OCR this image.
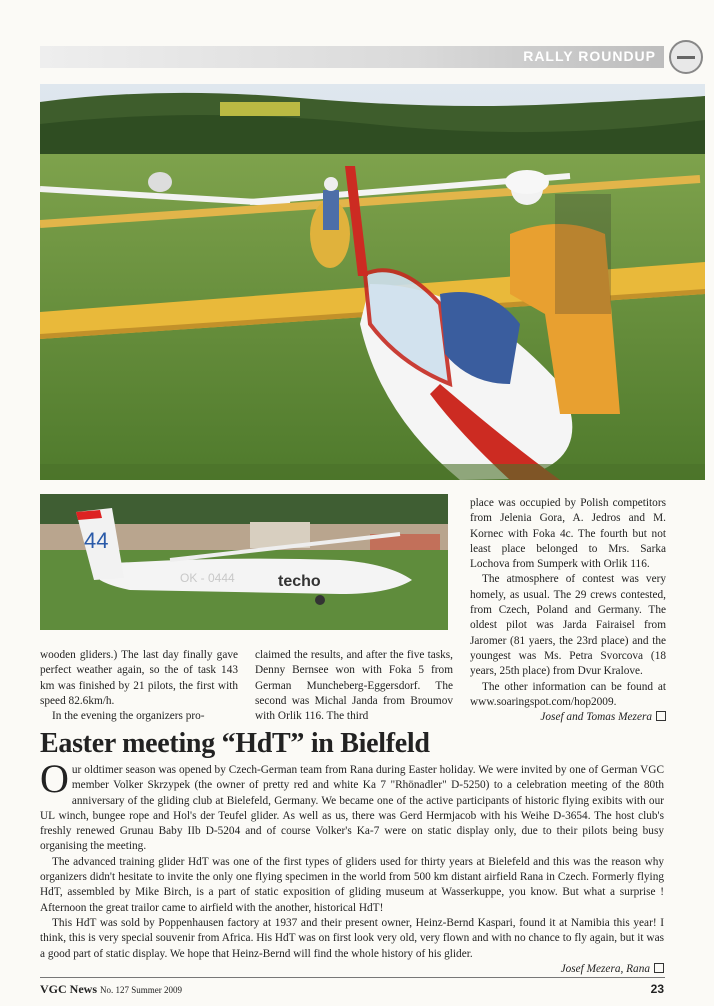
RALLY ROUNDUP
44
OK - 0444	techo

wooden gliders.) The last day finally gave perfect weather again, so the of task 143 km was finished by 21 pilots, the first with speed 82.6km/h.

In the evening the organizers pro-

claimed the results, and after the five tasks, Denny Bernsee won with Foka 5 from German Muncheberg-Eggersdorf. The second was Michal Janda from Broumov with Orlik 116. The third

place was occupied by Polish competitors from Jelenia Gora, A. Jedros and M. Kornec with Foka 4c. The fourth but not least place belonged to Mrs. Sarka Lochova from Sumperk with Orlik 116.

The atmosphere of contest was very homely, as usual. The 29 crews contested, from Czech, Poland and Germany. The oldest pilot was Jarda Fairaisel from Jaromer (81 yaers, the 23rd place) and the youngest was Ms. Petra Svorcova (18 years, 25th place) from Dvur Kralove.

The other information can be found at www.soaringspot.com/hop2009.

Josef and Tomas Mezera

Easter meeting “HdT” in Bielfeld

Our oldtimer season was opened by Czech-German team from Rana during Easter holiday. We were invited by one of German VGC member Volker Skrzypek (the owner of pretty red and white Ka 7 "Rhönadler" D-5250) to a celebration meeting of the 80th anniversary of the gliding club at Bielefeld, Germany. We became one of the active participants of historic flying exibits with our UL winch, bungee rope and Hol's der Teufel glider. As well as us, there was Gerd Hermjacob with his Weihe D-3654. The host club's freshly renewed Grunau Baby IIb D-5204 and of course Volker's Ka-7 were on static display only, due to their pilots being busy organising the meeting.

The advanced training glider HdT was one of the first types of gliders used for thirty years at Bielefeld and this was the reason why organizers didn't hesitate to invite the only one flying specimen in the world from 500 km distant airfield Rana in Czech. Formerly flying HdT, assembled by Mike Birch, is a part of static exposition of gliding museum at Wasserkuppe, you know. But what a surprise ! Afternoon the great trailor came to airfield with the another, historical HdT!

This HdT was sold by Poppenhausen factory at 1937 and their present owner, Heinz-Bernd Kaspari, found it at Namibia this year! I think, this is very special souvenir from Africa. His HdT was on first look very old, very flown and with no chance to fly again, but it was a good part of static display. We hope that Heinz-Bernd will find the whole history of his glider.

Josef Mezera, Rana

VGC News No. 127 Summer 2009	23
